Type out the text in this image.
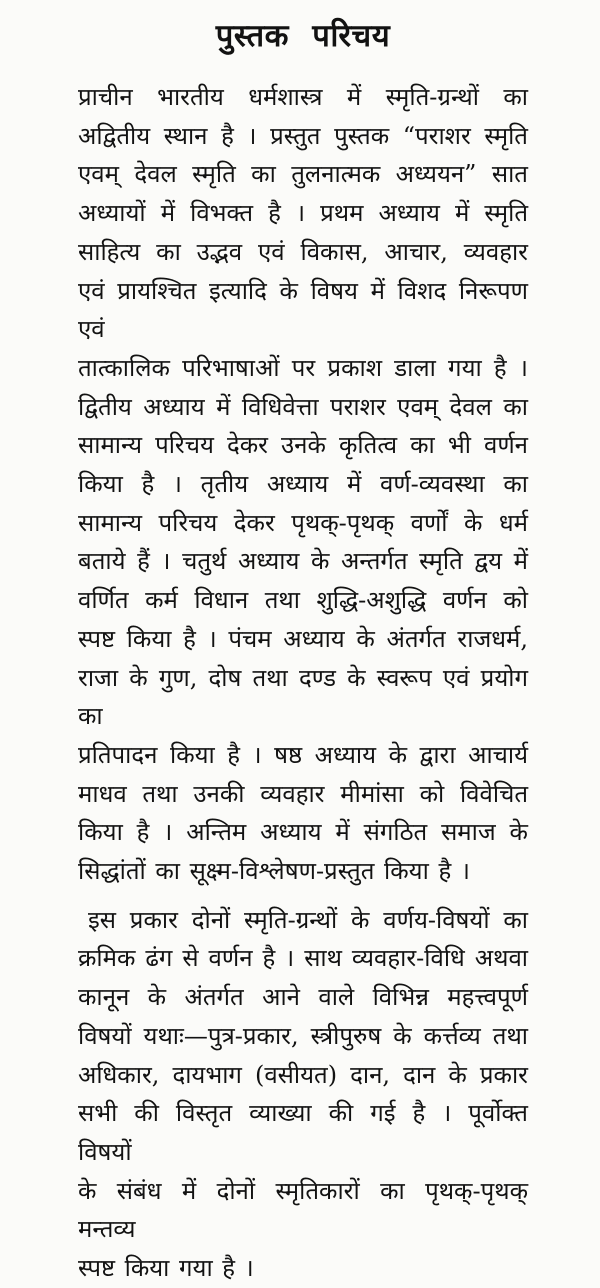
पुस्तक परिचय
प्राचीन भारतीय धर्मशास्त्र में स्मृति-ग्रन्थों का
अद्वितीय स्थान है । प्रस्तुत पुस्तक “पराशर स्मृति
एवम् देवल स्मृति का तुलनात्मक अध्ययन” सात
अध्यायों में विभक्त है । प्रथम अध्याय में स्मृति
साहित्य का उद्भव एवं विकास, आचार, व्यवहार
एवं प्रायश्चित इत्यादि के विषय में विशद निरूपण एवं
तात्कालिक परिभाषाओं पर प्रकाश डाला गया है ।
द्वितीय अध्याय में विधिवेत्ता पराशर एवम् देवल का
सामान्य परिचय देकर उनके कृतित्व का भी वर्णन
किया है । तृतीय अध्याय में वर्ण-व्यवस्था का
सामान्य परिचय देकर पृथक्-पृथक् वर्णों के धर्म
बताये हैं । चतुर्थ अध्याय के अन्तर्गत स्मृति द्वय में
वर्णित कर्म विधान तथा शुद्धि-अशुद्धि वर्णन को
स्पष्ट किया है । पंचम अध्याय के अंतर्गत राजधर्म,
राजा के गुण, दोष तथा दण्ड के स्वरूप एवं प्रयोग का
प्रतिपादन किया है । षष्ठ अध्याय के द्वारा आचार्य
माधव तथा उनकी व्यवहार मीमांसा को विवेचित
किया है । अन्तिम अध्याय में संगठित समाज के
सिद्धांतों का सूक्ष्म-विश्लेषण-प्रस्तुत किया है ।
इस प्रकार दोनों स्मृति-ग्रन्थों के वर्णय-विषयों का
क्रमिक ढंग से वर्णन है । साथ व्यवहार-विधि अथवा
कानून के अंतर्गत आने वाले विभिन्न महत्त्वपूर्ण
विषयों यथाः—पुत्र-प्रकार, स्त्रीपुरुष के कर्त्तव्य तथा
अधिकार, दायभाग (वसीयत) दान, दान के प्रकार
सभी की विस्तृत व्याख्या की गई है । पूर्वोक्त विषयों
के संबंध में दोनों स्मृतिकारों का पृथक्-पृथक् मन्तव्य
स्पष्ट किया गया है ।
